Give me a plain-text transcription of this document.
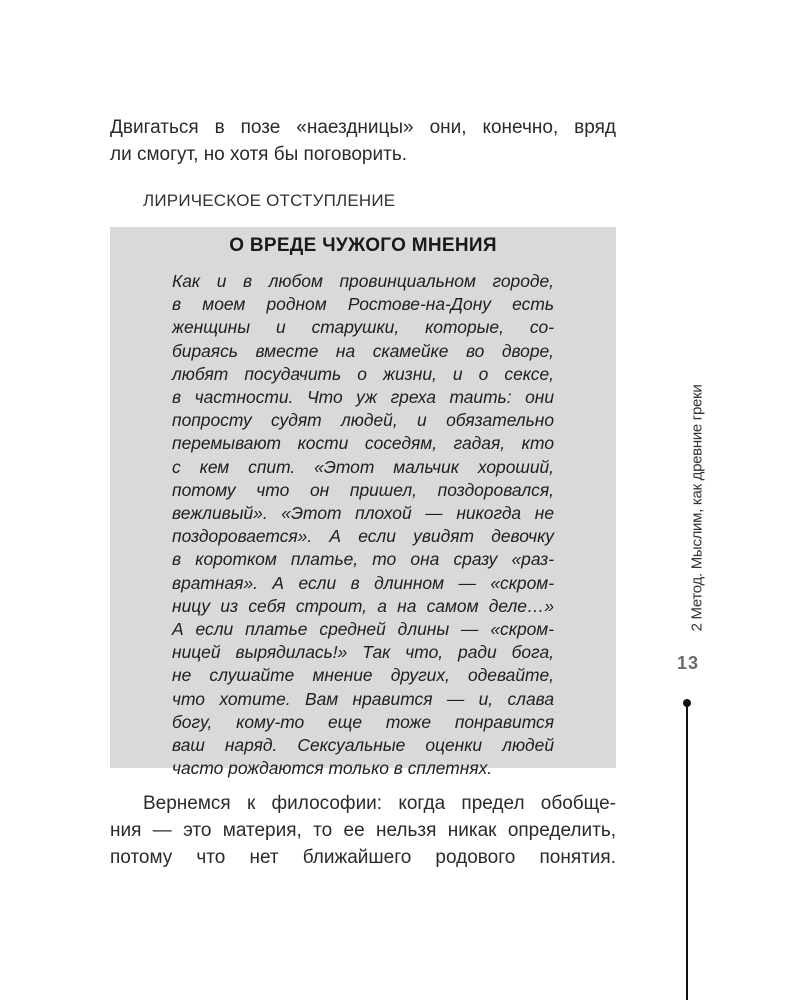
Двигаться в позе «наездницы» они, конечно, вряд

ли смогут, но хотя бы поговорить.

ЛИРИЧЕСКОЕ ОТСТУПЛЕНИЕ
О ВРЕДЕ ЧУЖОГО МНЕНИЯ
Как и в любом провинциальном городе,
в моем родном Ростове-на-Дону есть
женщины и старушки, которые, со-
бираясь вместе на скамейке во дворе,
любят посудачить о жизни, и о сексе,
в частности. Что уж греха таить: они
попросту судят людей, и обязательно
перемывают кости соседям, гадая, кто
с кем спит. «Этот мальчик хороший,
потому что он пришел, поздоровался,
вежливый». «Этот плохой — никогда не
поздоровается». А если увидят девочку
в коротком платье, то она сразу «раз-
вратная». А если в длинном — «скром-
ницу из себя строит, а на самом деле…»
А если платье средней длины — «скром-
ницей вырядилась!» Так что, ради бога,
не слушайте мнение других, одевайте,
что хотите. Вам нравится — и, слава
богу, кому-то еще тоже понравится
ваш наряд. Сексуальные оценки людей
часто рождаются только в сплетнях.
Вернемся к философии: когда предел обобще-
ния — это материя, то ее нельзя никак определить,
потому что нет ближайшего родового понятия.
2 Метод. Мыслим, как древние греки
13
